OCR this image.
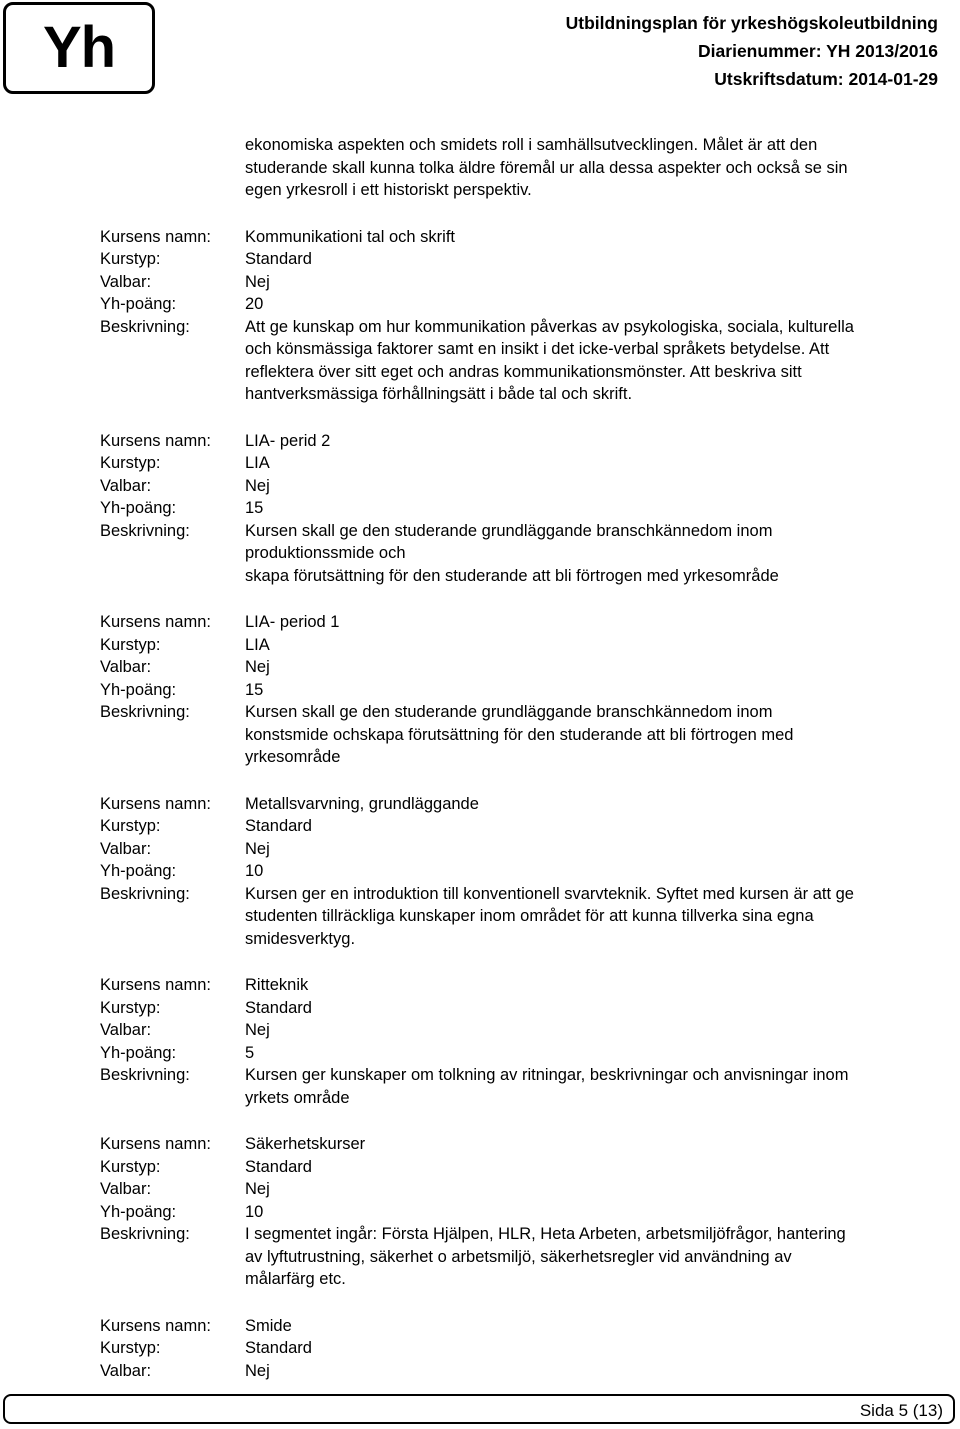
Yh	Utbildningsplan för yrkeshögskoleutbildning
Diarienummer: YH 2013/2016
Utskriftsdatum: 2014-01-29
ekonomiska aspekten och smidets roll i samhällsutvecklingen. Målet är att den
studerande skall kunna tolka äldre föremål ur alla dessa aspekter och också se sin
egen yrkesroll i ett historiskt perspektiv.
Kursens namn:	Kommunikationi tal och skrift
Kurstyp:	Standard
Valbar:	Nej
Yh-poäng:	20
Beskrivning:	Att ge kunskap om hur kommunikation påverkas av psykologiska, sociala, kulturella
och könsmässiga faktorer samt en insikt i det icke-verbal språkets betydelse. Att
reflektera över sitt eget och andras kommunikationsmönster. Att beskriva sitt
hantverksmässiga förhållningsätt i både tal och skrift.
Kursens namn:	LIA- perid 2
Kurstyp:	LIA
Valbar:	Nej
Yh-poäng:	15
Beskrivning:	Kursen skall ge den studerande grundläggande branschkännedom inom
produktionssmide och
skapa förutsättning för den studerande att bli förtrogen med yrkesområde
Kursens namn:	LIA- period 1
Kurstyp:	LIA
Valbar:	Nej
Yh-poäng:	15
Beskrivning:	Kursen skall ge den studerande grundläggande branschkännedom inom
konstsmide ochskapa förutsättning för den studerande att bli förtrogen med
yrkesområde
Kursens namn:	Metallsvarvning, grundläggande
Kurstyp:	Standard
Valbar:	Nej
Yh-poäng:	10
Beskrivning:	Kursen ger en introduktion till konventionell svarvteknik. Syftet med kursen är att ge
studenten tillräckliga kunskaper inom området för att kunna tillverka sina egna
smidesverktyg.
Kursens namn:	Ritteknik
Kurstyp:	Standard
Valbar:	Nej
Yh-poäng:	5
Beskrivning:	Kursen ger kunskaper om tolkning av ritningar, beskrivningar och anvisningar inom
yrkets område
Kursens namn:	Säkerhetskurser
Kurstyp:	Standard
Valbar:	Nej
Yh-poäng:	10
Beskrivning:	I segmentet ingår: Första Hjälpen, HLR, Heta Arbeten, arbetsmiljöfrågor, hantering
av lyftutrustning, säkerhet o arbetsmiljö, säkerhetsregler vid användning av
målarfärg etc.
Kursens namn:	Smide
Kurstyp:	Standard
Valbar:	Nej
Sida 5 (13)
